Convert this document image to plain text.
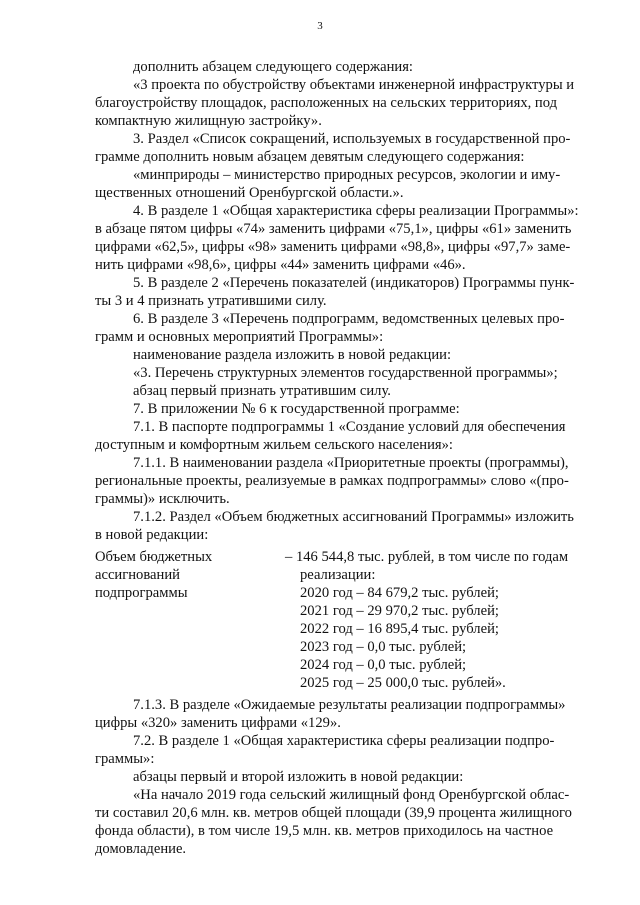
3
дополнить абзацем следующего содержания:
«3 проекта по обустройству объектами инженерной инфраструктуры и
благоустройству площадок, расположенных на сельских территориях, под
компактную жилищную застройку».
3. Раздел «Список сокращений, используемых в государственной про-
грамме дополнить новым абзацем девятым следующего содержания:
«минприроды – министерство природных ресурсов, экологии и иму-
щественных отношений Оренбургской области.».
4. В разделе 1 «Общая характеристика сферы реализации Программы»:
в абзаце пятом цифры «74» заменить цифрами «75,1», цифры «61» заменить
цифрами «62,5», цифры «98» заменить цифрами «98,8», цифры «97,7» заме-
нить цифрами «98,6», цифры «44» заменить цифрами «46».
5. В разделе 2 «Перечень показателей (индикаторов) Программы пунк-
ты 3 и 4 признать утратившими силу.
6. В разделе 3 «Перечень подпрограмм, ведомственных целевых про-
грамм и основных мероприятий Программы»:
наименование раздела изложить в новой редакции:
«3. Перечень структурных элементов государственной программы»;
абзац первый признать утратившим силу.
7. В приложении № 6 к государственной программе:
7.1. В паспорте подпрограммы 1 «Создание условий для обеспечения
доступным и комфортным жильем сельского населения»:
7.1.1. В наименовании раздела «Приоритетные проекты (программы),
региональные проекты, реализуемые в рамках подпрограммы» слово «(про-
граммы)» исключить.
7.1.2. Раздел «Объем бюджетных ассигнований Программы» изложить
в новой редакции:
Объем бюджетных
ассигнований
подпрограммы
– 146 544,8 тыс. рублей, в том числе по годам
реализации:
2020 год – 84 679,2 тыс. рублей;
2021 год – 29 970,2 тыс. рублей;
2022 год – 16 895,4 тыс. рублей;
2023 год – 0,0 тыс. рублей;
2024 год – 0,0 тыс. рублей;
2025 год – 25 000,0 тыс. рублей».
7.1.3. В разделе «Ожидаемые результаты реализации подпрограммы»
цифры «320» заменить цифрами «129».
7.2. В разделе 1 «Общая характеристика сферы реализации подпро-
граммы»:
абзацы первый и второй изложить в новой редакции:
«На начало 2019 года сельский жилищный фонд Оренбургской облас-
ти составил 20,6 млн. кв. метров общей площади (39,9 процента жилищного
фонда области), в том числе 19,5 млн. кв. метров приходилось на частное
домовладение.
